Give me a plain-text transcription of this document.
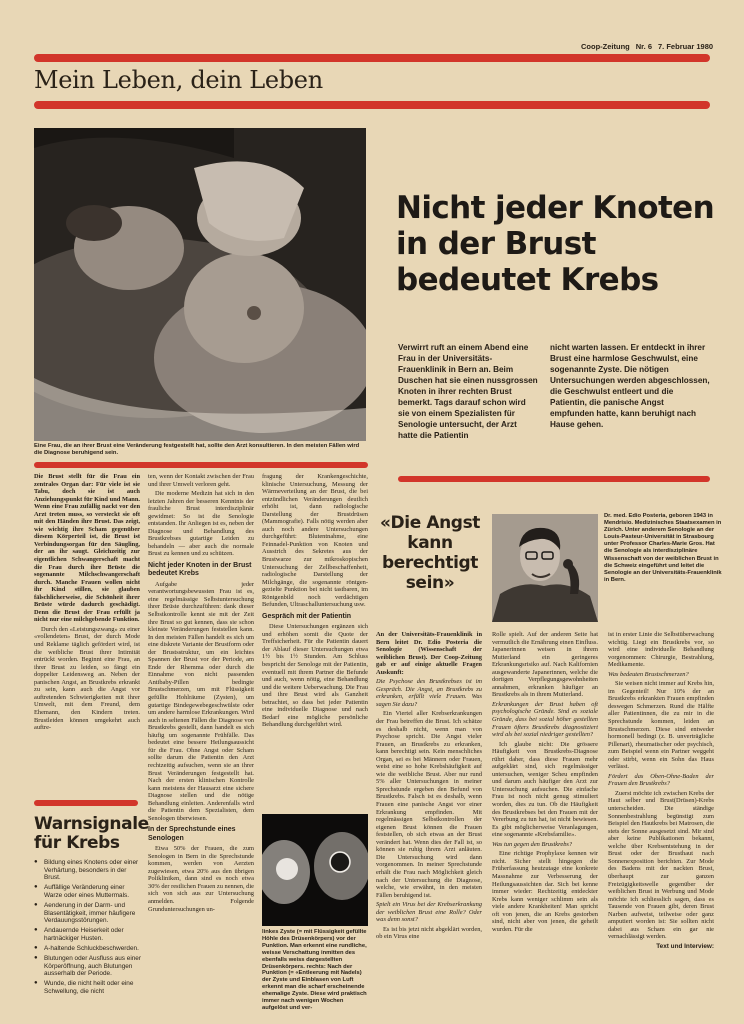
Coop-Zeitung Nr. 6 7. Februar 1980
Mein Leben, dein Leben

Eine Frau, die an ihrer Brust eine Veränderung festgestellt hat, sollte den Arzt konsultieren. In den meisten Fällen wird die Diagnose beruhigend sein.
Nicht jeder Knoten
in der Brust
bedeutet Krebs
Verwirrt ruft an einem Abend eine Frau in der Universitäts-Frauenklinik in Bern an. Beim Duschen hat sie einen nussgrossen Knoten in ihrer rechten Brust bemerkt. Tags darauf schon wird sie von einem Spezialisten für Senologie untersucht, der Arzt hatte die Patientin
nicht warten lassen. Er entdeckt in ihrer Brust eine harmlose Geschwulst, eine sogenannte Zyste. Die nötigen Untersuchungen werden abgeschlossen, die Geschwulst entleert und die Patientin, die panische Angst empfunden hatte, kann beruhigt nach Hause gehen.

Die Brust stellt für die Frau ein zentrales Organ dar: Für viele ist sie Tabu, doch sie ist auch Anziehungspunkt für Kind und Mann. Wenn eine Frau zufällig nackt vor den Arzt treten muss, so versteckt sie oft mit den Händen ihre Brust. Das zeigt, wie wichtig ihre Scham gegenüber diesem Körperteil ist, die Brust ist Verbindungsorgan für den Säugling, der an ihr saugt. Gleichzeitig zur eigentlichen Schwangerschaft macht die Frau durch ihre Brüste die sogenannte Milchschwangerschaft durch. Manche Frauen wollen nicht ihr Kind stillen, sie glauben fälschlicherweise, die Schönheit ihrer Brüste würde dadurch geschädigt. Denn die Brust der Frau erfüllt ja nicht nur eine milchgebende Funktion.

Durch den «Leistungszwang» zu einer «vollendeten» Brust, der durch Mode und Reklame täglich gefördert wird, ist die weibliche Brust ihrer Intimität entrückt worden. Beginnt eine Frau, an ihrer Brust zu leiden, so fängt ein doppelter Leidensweg an. Neben der panischen Angst, an Brustkrebs erkrankt zu sein, kann auch die Angst vor auftretenden Schwierigkeiten mit ihrer Umwelt, mit dem Freund, dem Ehemann, den Kindern treten. Brustleiden können umgekehrt auch auftre-

Warnsignale
für Krebs
● Bildung eines Knotens oder einer Verhärtung, besonders in der Brust.
● Auffällige Veränderung einer Warze oder eines Muttermals.
● Aenderung in der Darm- und Blasentätigkeit, immer häufigere Verdauungsstörungen.
● Andauernde Heiserkeit oder hartnäckiger Husten.
● A-haltende Schluckbeschwerden.
● Blutungen oder Ausfluss aus einer Körperöffnung, auch Blutungen ausserhalb der Periode.
● Wunde, die nicht heilt oder eine Schwellung, die nicht

ten, wenn der Kontakt zwischen der Frau und ihrer Umwelt verloren geht.

Die moderne Medizin hat sich in den letzten Jahren der besseren Kenntnis der frauliche Brust interdisziplinär gewidmet: So ist die Senologie entstanden. Ihr Anliegen ist es, neben der Diagnose und Behandlung des Brustkrebses gutartige Leiden zu behandeln — aber auch die normale Brust zu kennen und zu schützen.

Nicht jeder Knoten in der Brust bedeutet Krebs

Aufgabe jeder verantwortungsbewussten Frau ist es, eine regelmässige Selbstuntersuchung ihrer Brüste durchzuführen: dank dieser Selbstkontrolle kennt sie mit der Zeit ihre Brust so gut kennen, dass sie schon kleinste Veränderungen feststellen kann. In den meisten Fällen handelt es sich um eine diskrete Variante der Brustform oder der Brustsstruktur, um ein leichtes Spannen der Brust vor der Periode, am Ende der Rhemma oder durch die Einnahme von nicht passenden Antibaby-Pillen bedingte Brustschmerzen, um mit Flüssigkeit gefüllte Hohlräume (Zysten), um gutartige Bindegewebegeschwülste oder um andere harmlose Erkrankungen. Wird auch in seltenen Fällen die Diagnose von Brustkrebs gestellt, dann handelt es sich häufig um sogenannte Frühfälle. Das bedeutet eine bessere Heilungsaussicht für die Frau. Ohne Angst oder Scham sollte darum die Patientin den Arzt rechtzeitig aufsuchen, wenn sie an ihrer Brust Veränderungen festgestellt hat. Nach der ersten klinischen Kontrolle kann meistens der Hausarzt eine sichere Diagnose stellen und die nötige Behandlung einleiten. Anderenfalls wird die Patientin dem Spezialisten, dem Senologen überwiesen.

In der Sprechstunde eines Senologen

Etwa 50% der Frauen, die zum Senologen in Bern in die Sprechstunde kommen, werden von Aerzten zugewiesen, etwa 20% aus den übrigen Polikliniken, dann sind es noch etwa 30% der restlichen Frauen zu nennen, die sich von sich aus zur Untersuchung anmelden. Folgende Grunduntersuchungen un-

fragung der Krankengeschichte, klinische Untersuchung, Messung der Wärmeverteilung an der Brust, die bei entzündlichen Veränderungen deutlich erhöht ist, dann radiologische Darstellung der Brustdrüsen (Mammografie). Falls nötig werden aber auch noch andere Untersuchungen durchgeführt: Blutentnahme, eine Feinnadel-Punktion von Knoten und Ausstrich des Sekretes aus der Brustwarze zur mikroskopischen Untersuchung der Zellbeschaffenheit, radiologische Darstellung der Milchgänge, die sogenannte röntgen-gezielte Punktion bei nicht tastbaren, im Röntgenbild noch verdächtigen Befunden, Ultraschalluntersuchung usw.

Gespräch mit der Patientin

Diese Untersuchungen ergänzen sich und erhöhen somit die Quote der Treffsicherheit. Für die Patientin dauert der Ablauf dieser Untersuchungen etwa 1½ bis 1½ Stunden. Am Schluss bespricht der Senologe mit der Patientin, eventuell mit ihrem Partner die Befunde und auch, wenn nötig, eine Behandlung und die weitere Ueberwachung. Die Frau und ihre Brust wird als Ganzheit betrachtet, so dass bei jeder Patientin eine individuelle Diagnose und nach Bedarf eine mögliche persönliche Behandlung durchgeführt wird.

linkes Zyste (= mit Flüssigkeit gefüllte Höhle des Drüsenkörpers) vor der Punktion. Man erkennt eine rundliche, weisse Verschattung inmitten des ebenfalls weiss dargestellten Drüsenkörpers. rechts: Nach der Punktion (= «Entleerung mit Nadels) der Zyste und Einblasen von Luft erkennt man die scharf erscheinende ehemalige Zyste. Diese wird praktisch immer nach wenigen Wochen aufgelöst und ver-
«Die Angst
kann
berechtigt
sein»
Dr. med. Edio Posteria, geboren 1943 in Mendrisio. Medizinisches Staatsexamen in Zürich. Unter anderem Senologie an der Louis-Pasteur-Universität in Strasbourg unter Professor Charles-Marie Gros. Hat die Senologie als interdisziplinäre Wissenschaft von der weiblichen Brust in die Schweiz eingeführt und leitet die Senologie an der Universitäts-Frauenklinik in Bern.

An der Universitäts-Frauenklinik in Bern leitet Dr. Edio Posteria die Senologie (Wissenschaft der weiblichen Brust). Der Coop-Zeitung gab er auf einige aktuelle Fragen Auskunft:

Die Psychose des Brustkrebses ist im Gespräch. Die Angst, an Brustkrebs zu erkranken, erfüllt viele Frauen. Was sagen Sie dazu?

Ein Viertel aller Krebserkrankungen der Frau betreffen die Brust. Ich schätze es deshalb nicht, wenn man von Psychose spricht. Die Angst vieler Frauen, an Brustkrebs zu erkranken, kann berechtigt sein. Kein menschliches Organ, sei es bei Männern oder Frauen, weist eine so hohe Krebshäufigkeit auf wie die weibliche Brust. Aber nur rund 5% aller Untersuchungen in meiner Sprechstunde ergeben den Befund von Brustkrebs. Falsch ist es deshalb, wenn Frauen eine panische Angst vor einer Erkrankung empfinden. Mit regelmässigen Selbstkontrollen der eigenen Brust können die Frauen feststellen, ob sich etwas an der Brust verändert hat. Wenn dies der Fall ist, so können sie ruhig ihrem Arzt anläuten. Die Untersuchung wird dann vorgenommen. In meiner Sprechstunde erhält die Frau nach Möglichkeit gleich nach der Untersuchung die Diagnose, welche, wie erwähnt, in den meisten Fällen beruhigend ist.

Spielt ein Virus bei der Krebserkrankung der weiblichen Brust eine Rolle? Oder was denn sonst?

Es ist bis jetzt nicht abgeklärt worden, ob ein Virus eine

Rolle spielt. Auf der anderen Seite hat vermutlich die Ernährung einen Einfluss. Japanerinnen weisen in ihrem Mutterland ein geringeres Erkrankungsrisiko auf. Nach Kalifornien ausgewanderte Japanerinnen, welche die dortigen Verpflegungsgewohnheiten annahmen, erkranken häufiger an Brustkrebs als in ihrem Mutterland.

Erkrankungen der Brust haben oft psychologische Gründe. Sind es soziale Gründe, dass bei sozial höher gestellten Frauen öfters Brustkrebs diagnostiziert wird als bei sozial niedriger gestellten?

Ich glaube nicht: Die grössere Häufigkeit von Brustkrebs-Diagnose rührt daher, dass diese Frauen mehr aufgeklärt sind, sich regelmässiger untersuchen, weniger Scheu empfinden und darum auch häufiger den Arzt zur Untersuchung aufsuchen. Die einfache Frau ist noch nicht genug stimuliert worden, dies zu tun. Ob die Häufigkeit des Brustkrebses bei den Frauen mit der Vererbung zu tun hat, ist nicht bewiesen. Es gibt möglicherweise Veranlagungen, eine sogenannte «Krebsfamilie».

Was tun gegen den Brustkrebs?

Eine richtige Prophylaxe kennen wir nicht. Sicher stellt hingegen die Früherfassung heutzutage eine konkrete Massnahme zur Verbesserung der Heilungsaussichten dar. Sich bei kenne immer wieder: Rechtzeitig entdeckter Krebs kann weniger schlimm sein als viele andere Krankheiten! Man spricht oft von jenen, die an Krebs gestorben sind, nicht aber von jenen, die geheilt wurden. Für die

ist in erster Linie die Selbstüberwachung wichtig. Liegt ein Brustkrebs vor, so wird eine individuelle Behandlung vorgenommen: Chirurgie, Bestrahlung, Medikamente.

Was bedeuten Brustschmerzen?

Sie weisen nicht immer auf Krebs hin, im Gegenteil! Nur 10% der an Brustkrebs erkrankten Frauen empfinden deswegen Schmerzen. Rund die Hälfte aller Patientinnen, die zu mir in die Sprechstunde kommen, leiden an Brustschmerzen. Diese sind entweder hormonell bedingt (z. B. unverträgliche Pillenart), rheumatischer oder psychisch, zum Beispiel wenn ein Partner weggeht oder stirbt, wenn ein Sohn das Haus verlässt.

Fördert das Oben-Ohne-Baden der Frauen den Brustkrebs?

Zuerst möchte ich zwischen Krebs der Haut selber und Brust(Drüsen)-Krebs unterscheiden. Die ständige Sonnenbestrahlung begünstigt zum Beispiel den Hautkrebs bei Matrosen, die stets der Sonne ausgesetzt sind. Mir sind aber keine Publikationen bekannt, welche über Krebsentstehung in der Brust oder der Brusthaut nach Sonnenexposition berichten. Zur Mode des Badens mit der nackten Brust, überhaupt zur ganzen Freizügigkeitswelle gegenüber der weiblichen Brust in Werbung und Mode möchte ich schliesslich sagen, dass es Tausende von Frauen gibt, deren Brust Narben aufweist, teilweise oder ganz amputiert worden ist: Sie sollten nicht dabei aus Scham ein gar nie vernachlässigt werden.

Text und Interview:
